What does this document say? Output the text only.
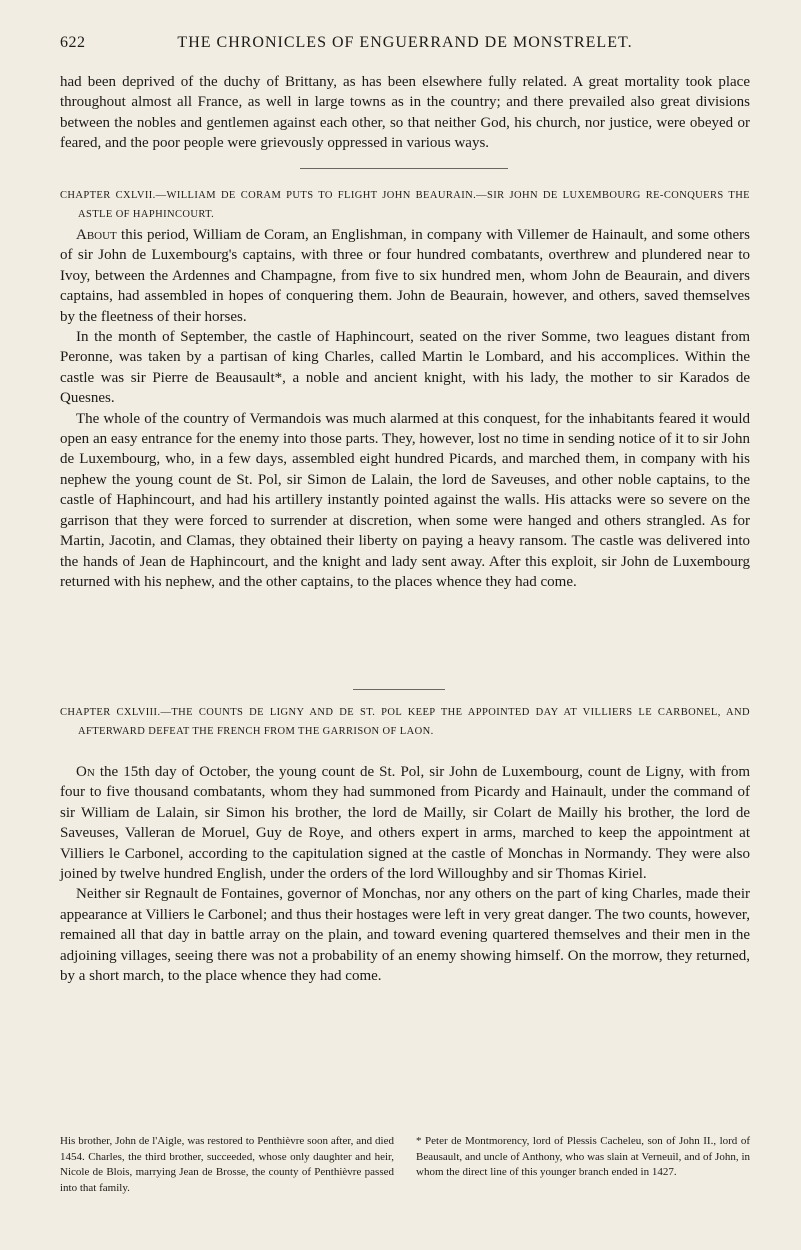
622	THE CHRONICLES OF ENGUERRAND DE MONSTRELET.

had been deprived of the duchy of Brittany, as has been elsewhere fully related. A great mortality took place throughout almost all France, as well in large towns as in the country; and there prevailed also great divisions between the nobles and gentlemen against each other, so that neither God, his church, nor justice, were obeyed or feared, and the poor people were grievously oppressed in various ways.

CHAPTER CXLVII.—WILLIAM DE CORAM PUTS TO FLIGHT JOHN BEAURAIN.—SIR JOHN DE LUXEMBOURG RE-CONQUERS THE ASTLE OF HAPHINCOURT.

About this period, William de Coram, an Englishman, in company with Villemer de Hainault, and some others of sir John de Luxembourg's captains, with three or four hundred combatants, overthrew and plundered near to Ivoy, between the Ardennes and Champagne, from five to six hundred men, whom John de Beaurain, and divers captains, had assembled in hopes of conquering them. John de Beaurain, however, and others, saved themselves by the fleetness of their horses.

In the month of September, the castle of Haphincourt, seated on the river Somme, two leagues distant from Peronne, was taken by a partisan of king Charles, called Martin le Lombard, and his accomplices. Within the castle was sir Pierre de Beausault*, a noble and ancient knight, with his lady, the mother to sir Karados de Quesnes.

The whole of the country of Vermandois was much alarmed at this conquest, for the inhabitants feared it would open an easy entrance for the enemy into those parts. They, however, lost no time in sending notice of it to sir John de Luxembourg, who, in a few days, assembled eight hundred Picards, and marched them, in company with his nephew the young count de St. Pol, sir Simon de Lalain, the lord de Saveuses, and other noble captains, to the castle of Haphincourt, and had his artillery instantly pointed against the walls. His attacks were so severe on the garrison that they were forced to surrender at discretion, when some were hanged and others strangled. As for Martin, Jacotin, and Clamas, they obtained their liberty on paying a heavy ransom. The castle was delivered into the hands of Jean de Haphincourt, and the knight and lady sent away. After this exploit, sir John de Luxembourg returned with his nephew, and the other captains, to the places whence they had come.

CHAPTER CXLVIII.—THE COUNTS DE LIGNY AND DE ST. POL KEEP THE APPOINTED DAY AT VILLIERS LE CARBONEL, AND AFTERWARD DEFEAT THE FRENCH FROM THE GARRISON OF LAON.

On the 15th day of October, the young count de St. Pol, sir John de Luxembourg, count de Ligny, with from four to five thousand combatants, whom they had summoned from Picardy and Hainault, under the command of sir William de Lalain, sir Simon his brother, the lord de Mailly, sir Colart de Mailly his brother, the lord de Saveuses, Valleran de Moruel, Guy de Roye, and others expert in arms, marched to keep the appointment at Villiers le Carbonel, according to the capitulation signed at the castle of Monchas in Normandy. They were also joined by twelve hundred English, under the orders of the lord Willoughby and sir Thomas Kiriel.

Neither sir Regnault de Fontaines, governor of Monchas, nor any others on the part of king Charles, made their appearance at Villiers le Carbonel; and thus their hostages were left in very great danger. The two counts, however, remained all that day in battle array on the plain, and toward evening quartered themselves and their men in the adjoining villages, seeing there was not a probability of an enemy showing himself. On the morrow, they returned, by a short march, to the place whence they had come.

His brother, John de l'Aigle, was restored to Penthièvre soon after, and died 1454. Charles, the third brother, succeeded, whose only daughter and heir, Nicole de Blois, marrying Jean de Brosse, the county of Penthièvre passed into that family.
* Peter de Montmorency, lord of Plessis Cacheleu, son of John II., lord of Beausault, and uncle of Anthony, who was slain at Verneuil, and of John, in whom the direct line of this younger branch ended in 1427.
